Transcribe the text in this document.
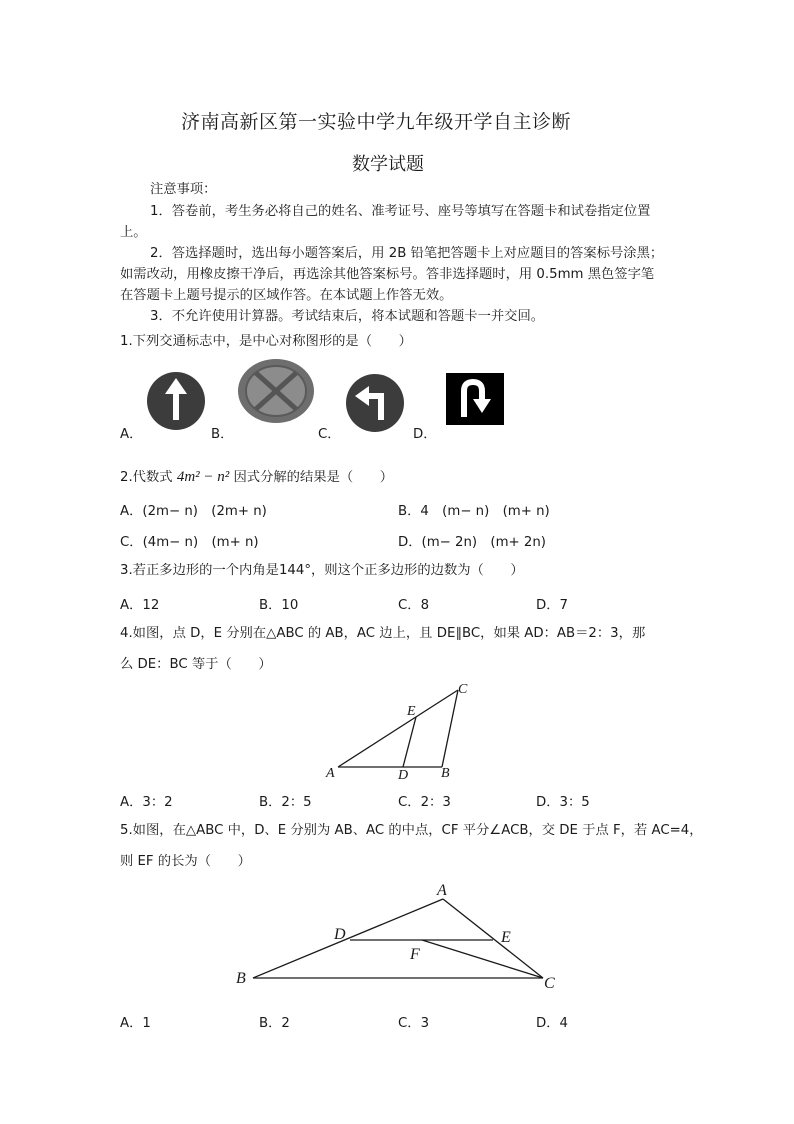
济南高新区第一实验中学九年级开学自主诊断
数学试题
注意事项：
1．答卷前，考生务必将自己的姓名、准考证号、座号等填写在答题卡和试卷指定位置
上。
2．答选择题时，选出每小题答案后，用 2B 铅笔把答题卡上对应题目的答案标号涂黑；
如需改动，用橡皮擦干净后，再选涂其他答案标号。答非选择题时，用 0.5mm 黑色签字笔
在答题卡上题号提示的区域作答。在本试题上作答无效。
3．不允许使用计算器。考试结束后，将本试题和答题卡一并交回。
1.下列交通标志中，是中心对称图形的是（　　）
A．	B．	C．	D．
2.代数式 4m² − n² 因式分解的结果是（　　）
A．(2m− n)　(2m+ n)	B．4　(m− n)　(m+ n)
C．(4m− n)　(m+ n)	D．(m− 2n)　(m+ 2n)
3.若正多边形的一个内角是144°，则这个正多边形的边数为（　　）
A．12	B．10	C．8	D．7
4.如图，点 D，E 分别在△ABC 的 AB，AC 边上，且 DE∥BC，如果 AD：AB＝2：3，那
么 DE：BC 等于（　　）
A	B
C
D
E
A．3：2	B．2：5	C．2：3	D．3：5
5.如图，在△ABC 中，D、E 分别为 AB、AC 的中点，CF 平分∠ACB，交 DE 于点 F，若 AC=4，
则 EF 的长为（　　）
B
A
C
D	E
F
A．1	B．2	C．3	D．4
